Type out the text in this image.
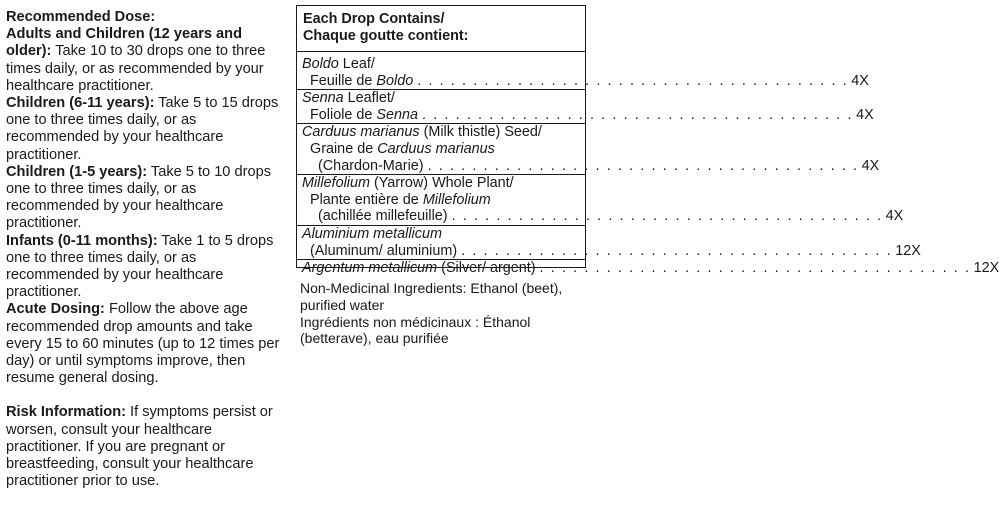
Recommended Dose:

Adults and Children (12 years and older): Take 10 to 30 drops one to three times daily, or as recommended by your healthcare practitioner.

Children (6-11 years): Take 5 to 15 drops one to three times daily, or as recommended by your healthcare practitioner.

Children (1-5 years): Take 5 to 10 drops one to three times daily, or as recommended by your healthcare practitioner.

Infants (0-11 months): Take 1 to 5 drops one to three times daily, or as recommended by your healthcare practitioner.

Acute Dosing: Follow the above age recommended drop amounts and take every 15 to 60 minutes (up to 12 times per day) or until symptoms improve, then resume general dosing.

Risk Information: If symptoms persist or worsen, consult your healthcare practitioner. If you are pregnant or breastfeeding, consult your healthcare practitioner prior to use.

Each Drop Contains/
Chaque goutte contient:
Boldo Leaf/
Feuille de Boldo . . . . . . . . . . . . . . . . . . . . . . . . . . . . . . . . . . . . . . . 4X
Senna Leaflet/
Foliole de Senna . . . . . . . . . . . . . . . . . . . . . . . . . . . . . . . . . . . . . . . 4X
Carduus marianus (Milk thistle) Seed/
Graine de Carduus marianus
(Chardon-Marie) . . . . . . . . . . . . . . . . . . . . . . . . . . . . . . . . . . . . . . . 4X
Millefolium (Yarrow) Whole Plant/
Plante entière de Millefolium
(achillée millefeuille) . . . . . . . . . . . . . . . . . . . . . . . . . . . . . . . . . . . . . . . 4X
Aluminium metallicum
(Aluminum/ aluminium) . . . . . . . . . . . . . . . . . . . . . . . . . . . . . . . . . . . . . . . 12X
Argentum metallicum (Silver/ argent) . . . . . . . . . . . . . . . . . . . . . . . . . . . . . . . . . . . . . . . 12X

Non-Medicinal Ingredients: Ethanol (beet), purified water

Ingrédients non médicinaux : Éthanol (betterave), eau purifiée
